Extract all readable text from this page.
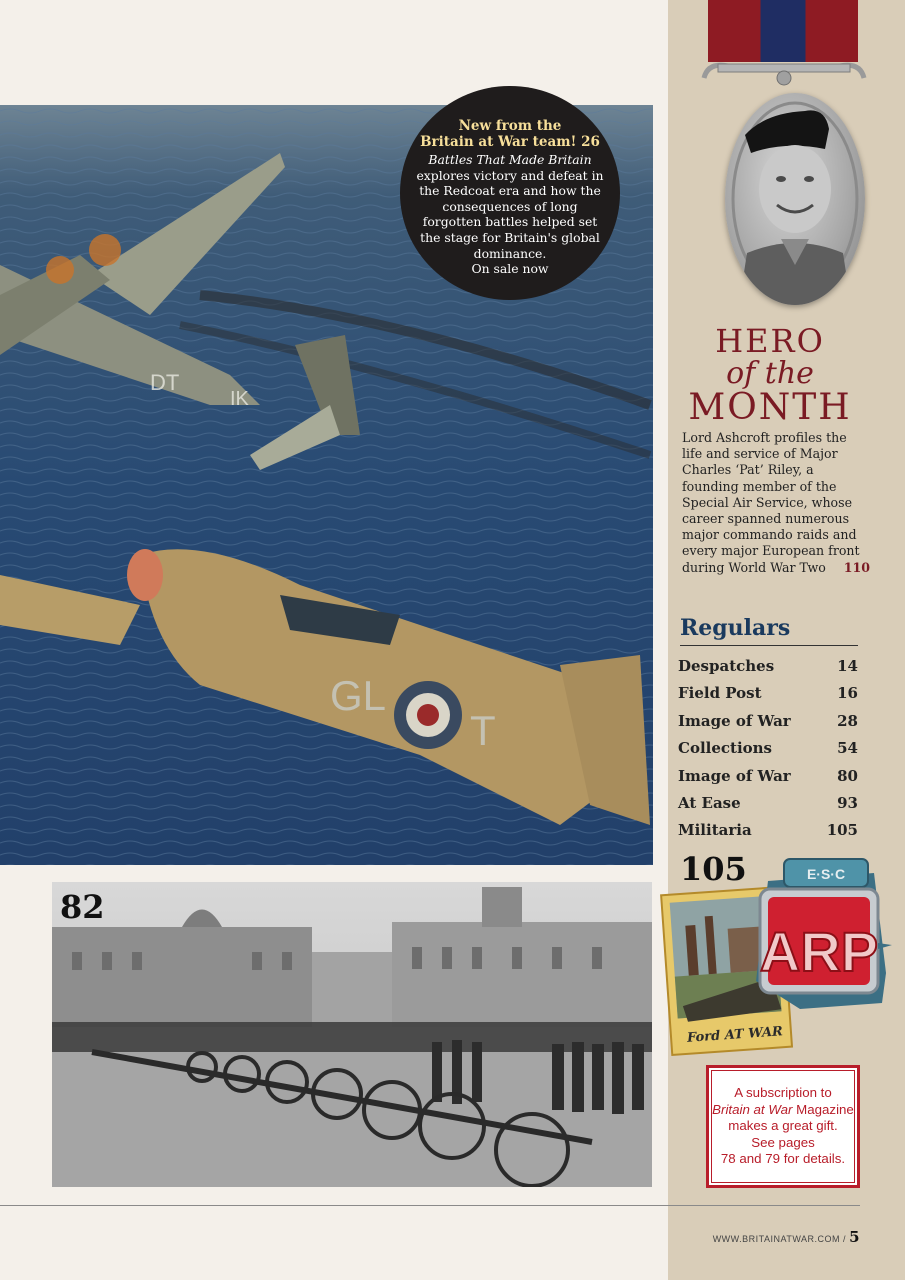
HERO
of the
MONTH
Lord Ashcroft profiles the life and service of Major Charles ‘Pat’ Riley, a founding member of the Special Air Service, whose career spanned numerous major commando raids and every major European front during World War Two 110
Regulars
Despatches	14
Field Post	16
Image of War	28
Collections	54
Image of War	80
At Ease	93
Militaria	105
105
Ford AT WAR
E·S·C
ARP
A subscription to
Britain at War Magazine
makes a great gift.
See pages
78 and 79 for details.
DT
IK
GL
T
New from the
Britain at War team! 26
Battles That Made Britain explores victory and defeat in the Redcoat era and how the consequences of long forgotten battles helped set the stage for Britain's global dominance.
On sale now
82
WWW.BRITAINATWAR.COM / 5
